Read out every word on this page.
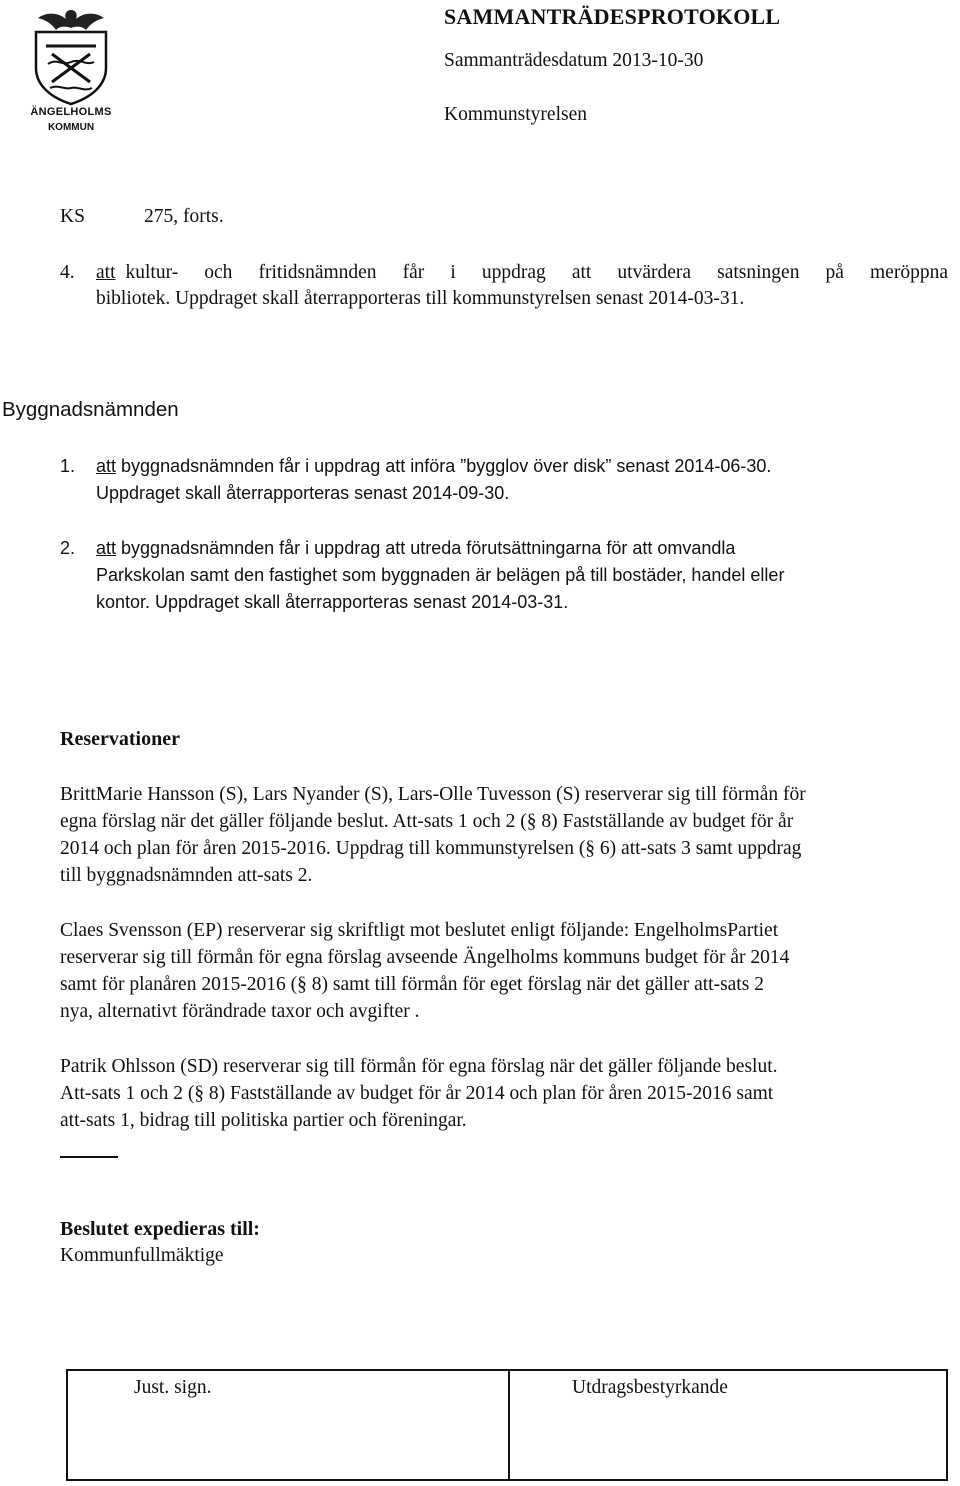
ÄNGELHOLMS
KOMMUN
SAMMANTRÄDESPROTOKOLL
Sammanträdesdatum 2013-10-30
Kommunstyrelsen
KS	275, forts.
4. att kultur- och fritidsnämnden får i uppdrag att utvärdera satsningen på meröppna
bibliotek. Uppdraget skall återrapporteras till kommunstyrelsen senast 2014-03-31.
Byggnadsnämnden
1. att byggnadsnämnden får i uppdrag att införa ”bygglov över disk” senast 2014-06-30.
Uppdraget skall återrapporteras senast 2014-09-30.
2. att byggnadsnämnden får i uppdrag att utreda förutsättningarna för att omvandla
Parkskolan samt den fastighet som byggnaden är belägen på till bostäder, handel eller
kontor. Uppdraget skall återrapporteras senast 2014-03-31.
Reservationer
BrittMarie Hansson (S), Lars Nyander (S), Lars-Olle Tuvesson (S) reserverar sig till förmån för
egna förslag när det gäller följande beslut. Att-sats 1 och 2 (§ 8) Fastställande av budget för år
2014 och plan för åren 2015-2016. Uppdrag till kommunstyrelsen (§ 6) att-sats 3 samt uppdrag
till byggnadsnämnden att-sats 2.
Claes Svensson (EP) reserverar sig skriftligt mot beslutet enligt följande: EngelholmsPartiet
reserverar sig till förmån för egna förslag avseende Ängelholms kommuns budget för år 2014
samt för planåren 2015-2016 (§ 8) samt till förmån för eget förslag när det gäller att-sats 2
nya, alternativt förändrade taxor och avgifter .
Patrik Ohlsson (SD) reserverar sig till förmån för egna förslag när det gäller följande beslut.
Att-sats 1 och 2 (§ 8) Fastställande av budget för år 2014 och plan för åren 2015-2016 samt
att-sats 1, bidrag till politiska partier och föreningar.
Beslutet expedieras till:
Kommunfullmäktige
Just. sign.	Utdragsbestyrkande
